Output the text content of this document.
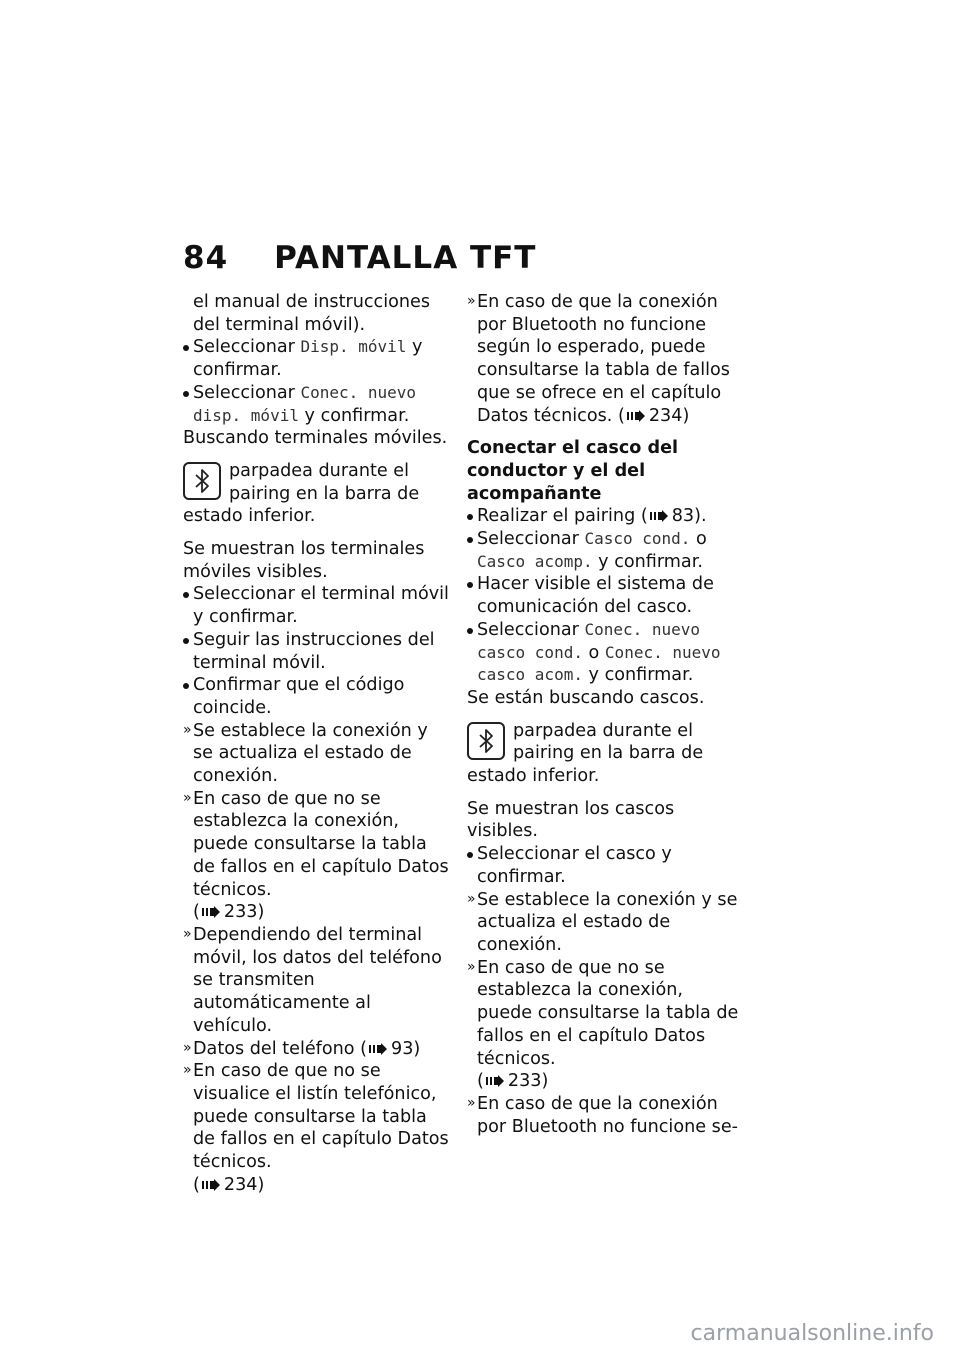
84 PANTALLA TFT

el manual de instrucciones del terminal móvil).

Seleccionar Disp. móvil y confirmar.
Seleccionar Conec. nuevo disp. móvil y confirmar.

Buscando terminales móviles.

parpadea durante el pairing en la barra de estado inferior.

Se muestran los terminales móviles visibles.

Seleccionar el terminal móvil y confirmar.
Seguir las instrucciones del terminal móvil.
Confirmar que el código coincide.
» Se establece la conexión y se actualiza el estado de conexión.
» En caso de que no se establezca la conexión, puede consultarse la tabla de fallos en el capítulo Datos técnicos.
( 233)
» Dependiendo del terminal móvil, los datos del teléfono se transmiten automáticamente al vehículo.
» Datos del teléfono ( 93)
» En caso de que no se visualice el listín telefónico, puede consultarse la tabla de fallos en el capítulo Datos técnicos.
( 234)
» En caso de que la conexión por Bluetooth no funcione según lo esperado, puede consultarse la tabla de fallos que se ofrece en el capítulo Datos técnicos. ( 234)

Conectar el casco del conductor y el del acompañante

Realizar el pairing ( 83).
Seleccionar Casco cond. o Casco acomp. y confirmar.
Hacer visible el sistema de comunicación del casco.
Seleccionar Conec. nuevo casco cond. o Conec. nuevo casco acom. y confirmar.

Se están buscando cascos.

parpadea durante el pairing en la barra de estado inferior.

Se muestran los cascos visibles.

Seleccionar el casco y confirmar.
» Se establece la conexión y se actualiza el estado de conexión.
» En caso de que no se establezca la conexión, puede consultarse la tabla de fallos en el capítulo Datos técnicos.
( 233)
» En caso de que la conexión por Bluetooth no funcione se-
carmanualsonline.info
